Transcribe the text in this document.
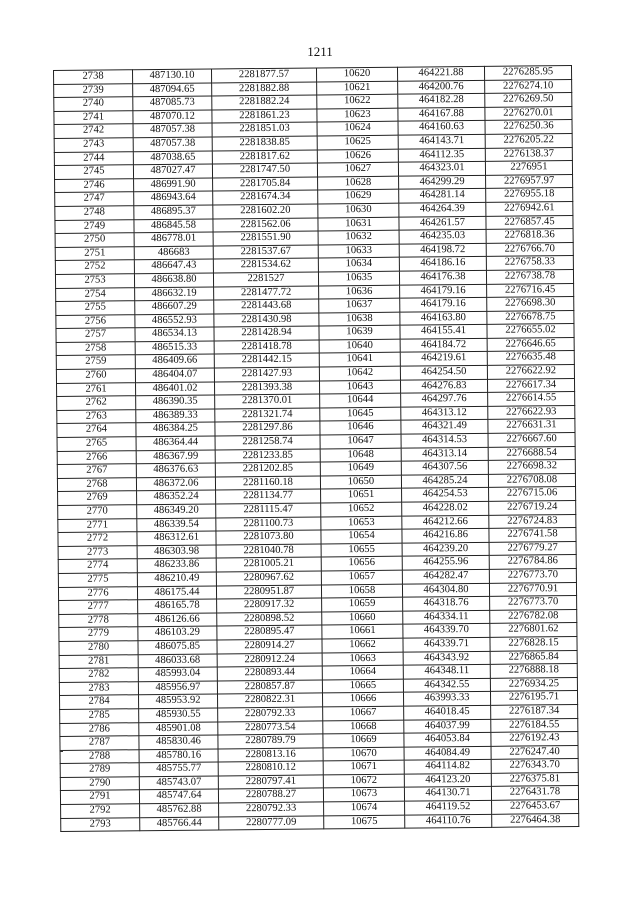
1211
2738	487130.10	2281877.57	10620	464221.88	2276285.95
2739	487094.65	2281882.88	10621	464200.76	2276274.10
2740	487085.73	2281882.24	10622	464182.28	2276269.50
2741	487070.12	2281861.23	10623	464167.88	2276270.01
2742	487057.38	2281851.03	10624	464160.63	2276250.36
2743	487057.38	2281838.85	10625	464143.71	2276205.22
2744	487038.65	2281817.62	10626	464112.35	2276138.37
2745	487027.47	2281747.50	10627	464323.01	2276951
2746	486991.90	2281705.84	10628	464299.29	2276957.97
2747	486943.64	2281674.34	10629	464281.14	2276955.18
2748	486895.37	2281602.20	10630	464264.39	2276942.61
2749	486845.58	2281562.06	10631	464261.57	2276857.45
2750	486778.01	2281551.90	10632	464235.03	2276818.36
2751	486683	2281537.67	10633	464198.72	2276766.70
2752	486647.43	2281534.62	10634	464186.16	2276758.33
2753	486638.80	2281527	10635	464176.38	2276738.78
2754	486632.19	2281477.72	10636	464179.16	2276716.45
2755	486607.29	2281443.68	10637	464179.16	2276698.30
2756	486552.93	2281430.98	10638	464163.80	2276678.75
2757	486534.13	2281428.94	10639	464155.41	2276655.02
2758	486515.33	2281418.78	10640	464184.72	2276646.65
2759	486409.66	2281442.15	10641	464219.61	2276635.48
2760	486404.07	2281427.93	10642	464254.50	2276622.92
2761	486401.02	2281393.38	10643	464276.83	2276617.34
2762	486390.35	2281370.01	10644	464297.76	2276614.55
2763	486389.33	2281321.74	10645	464313.12	2276622.93
2764	486384.25	2281297.86	10646	464321.49	2276631.31
2765	486364.44	2281258.74	10647	464314.53	2276667.60
2766	486367.99	2281233.85	10648	464313.14	2276688.54
2767	486376.63	2281202.85	10649	464307.56	2276698.32
2768	486372.06	2281160.18	10650	464285.24	2276708.08
2769	486352.24	2281134.77	10651	464254.53	2276715.06
2770	486349.20	2281115.47	10652	464228.02	2276719.24
2771	486339.54	2281100.73	10653	464212.66	2276724.83
2772	486312.61	2281073.80	10654	464216.86	2276741.58
2773	486303.98	2281040.78	10655	464239.20	2276779.27
2774	486233.86	2281005.21	10656	464255.96	2276784.86
2775	486210.49	2280967.62	10657	464282.47	2276773.70
2776	486175.44	2280951.87	10658	464304.80	2276770.91
2777	486165.78	2280917.32	10659	464318.76	2276773.70
2778	486126.66	2280898.52	10660	464334.11	2276782.08
2779	486103.29	2280895.47	10661	464339.70	2276801.62
2780	486075.85	2280914.27	10662	464339.71	2276828.15
2781	486033.68	2280912.24	10663	464343.92	2276865.84
2782	485993.04	2280893.44	10664	464348.11	2276888.18
2783	485956.97	2280857.87	10665	464342.55	2276934.25
2784	485953.92	2280822.31	10666	463993.33	2276195.71
2785	485930.55	2280792.33	10667	464018.45	2276187.34
2786	485901.08	2280773.54	10668	464037.99	2276184.55
2787	485830.46	2280789.79	10669	464053.84	2276192.43
2788	485780.16	2280813.16	10670	464084.49	2276247.40
2789	485755.77	2280810.12	10671	464114.82	2276343.70
2790	485743.07	2280797.41	10672	464123.20	2276375.81
2791	485747.64	2280788.27	10673	464130.71	2276431.78
2792	485762.88	2280792.33	10674	464119.52	2276453.67
2793	485766.44	2280777.09	10675	464110.76	2276464.38
